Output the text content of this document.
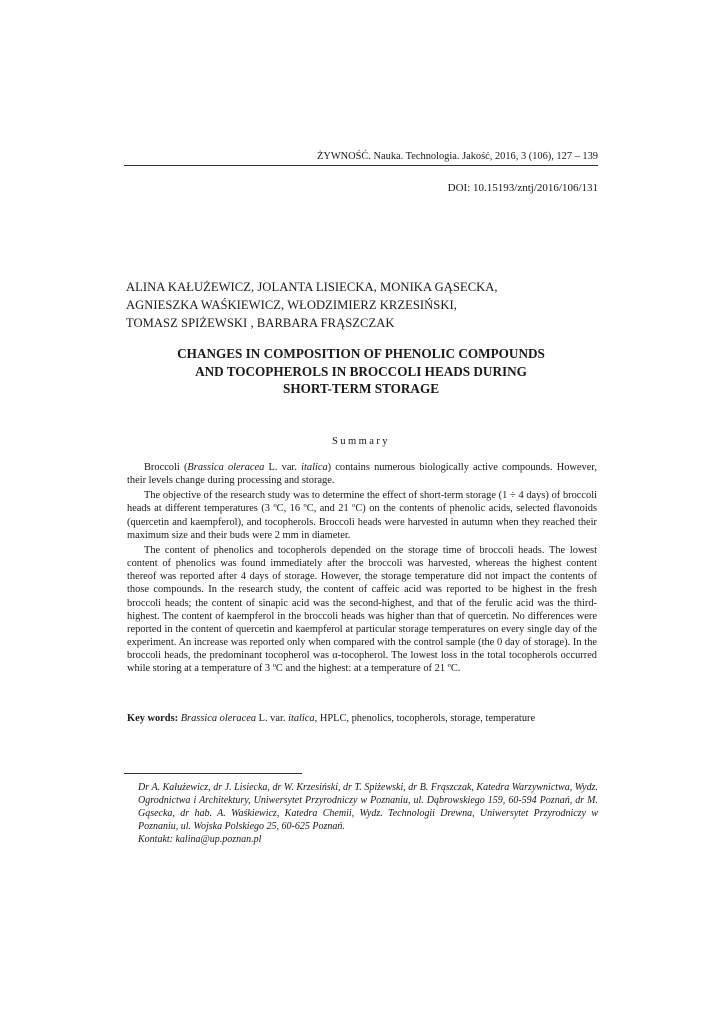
ŻYWNOŚĆ. Nauka. Technologia. Jakość, 2016, 3 (106), 127 – 139
DOI: 10.15193/zntj/2016/106/131
ALINA KAŁUŻEWICZ, JOLANTA LISIECKA, MONIKA GĄSECKA,
AGNIESZKA WAŚKIEWICZ, WŁODZIMIERZ KRZESIŃSKI,
TOMASZ SPIŻEWSKI , BARBARA FRĄSZCZAK
CHANGES IN COMPOSITION OF PHENOLIC COMPOUNDS
AND TOCOPHEROLS IN BROCCOLI HEADS DURING
SHORT-TERM STORAGE
Summary

Broccoli (Brassica oleracea L. var. italica) contains numerous biologically active compounds. However, their levels change during processing and storage.

The objective of the research study was to determine the effect of short-term storage (1 ÷ 4 days) of broccoli heads at different temperatures (3 ºC, 16 ºC, and 21 ºC) on the contents of phenolic acids, selected flavonoids (quercetin and kaempferol), and tocopherols. Broccoli heads were harvested in autumn when they reached their maximum size and their buds were 2 mm in diameter.

The content of phenolics and tocopherols depended on the storage time of broccoli heads. The lowest content of phenolics was found immediately after the broccoli was harvested, whereas the highest content thereof was reported after 4 days of storage. However, the storage temperature did not impact the contents of those compounds. In the research study, the content of caffeic acid was reported to be highest in the fresh broccoli heads; the content of sinapic acid was the second-highest, and that of the ferulic acid was the third-highest. The content of kaempferol in the broccoli heads was higher than that of quercetin. No differences were reported in the content of quercetin and kaempferol at particular storage temperatures on every single day of the experiment. An increase was reported only when compared with the control sample (the 0 day of storage). In the broccoli heads, the predominant tocopherol was α-tocopherol. The lowest loss in the total tocopherols occurred while storing at a temperature of 3 ºC and the highest: at a temperature of 21 ºC.

Key words: Brassica oleracea L. var. italica, HPLC, phenolics, tocopherols, storage, temperature

Dr A. Kałużewicz, dr J. Lisiecka, dr W. Krzesiński, dr T. Spiżewski, dr B. Frąszczak, Katedra Warzywnictwa, Wydz. Ogrodnictwa i Architektury, Uniwersytet Przyrodniczy w Poznaniu, ul. Dąbrowskiego 159, 60-594 Poznań, dr M. Gąsecka, dr hab. A. Waśkiewicz, Katedra Chemii, Wydz. Technologii Drewna, Uniwersytet Przyrodniczy w Poznaniu, ul. Wojska Polskiego 25, 60-625 Poznań.

Kontakt: kalina@up.poznan.pl
